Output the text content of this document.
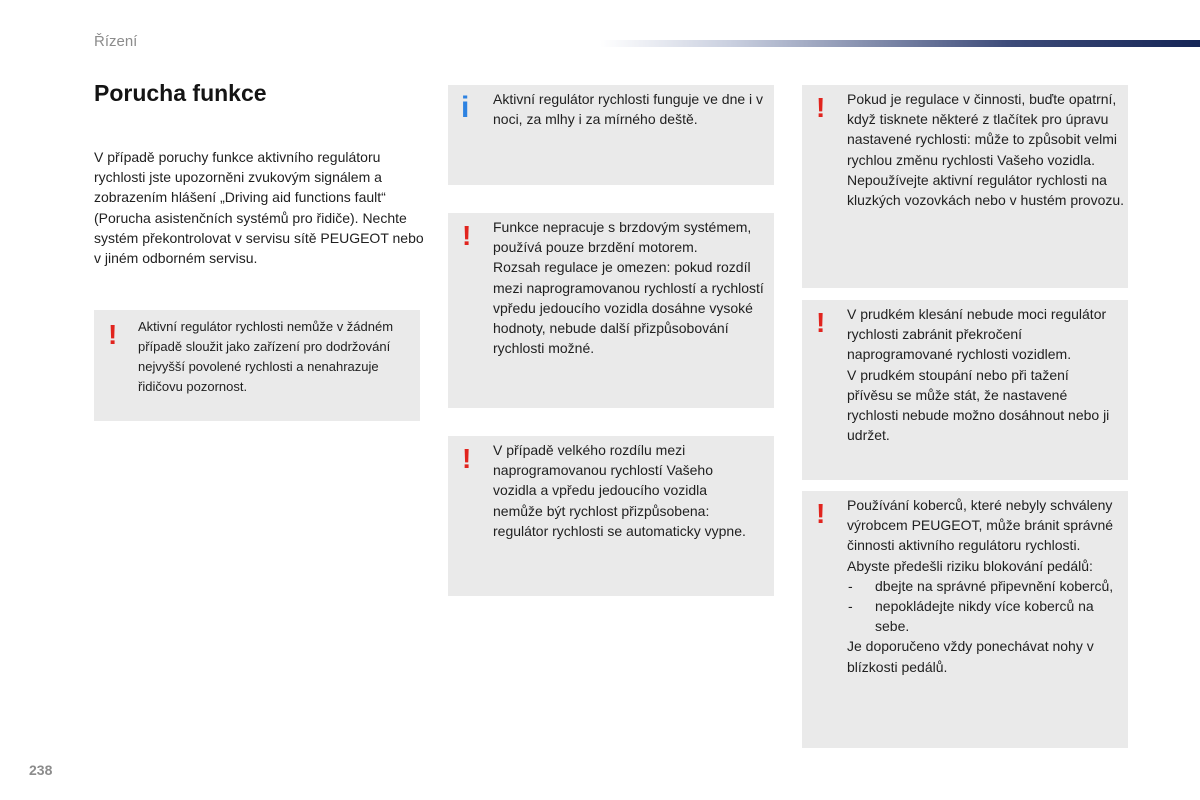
Řízení
Porucha funkce

V případě poruchy funkce aktivního regulátoru rychlosti jste upozorněni zvukovým signálem a zobrazením hlášení „Driving aid functions fault“ (Porucha asistenčních systémů pro řidiče). Nechte systém překontrolovat v servisu sítě PEUGEOT nebo v jiném odborném servisu.

! Aktivní regulátor rychlosti nemůže v žádném případě sloužit jako zařízení pro dodržování nejvyšší povolené rychlosti a nenahrazuje řidičovu pozornost.

i Aktivní regulátor rychlosti funguje ve dne i v noci, za mlhy i za mírného deště.

! Funkce nepracuje s brzdovým systémem, používá pouze brzdění motorem.

Rozsah regulace je omezen: pokud rozdíl mezi naprogramovanou rychlostí a rychlostí vpředu jedoucího vozidla dosáhne vysoké hodnoty, nebude další přizpůsobování rychlosti možné.

! V případě velkého rozdílu mezi naprogramovanou rychlostí Vašeho vozidla a vpředu jedoucího vozidla nemůže být rychlost přizpůsobena: regulátor rychlosti se automaticky vypne.

! Pokud je regulace v činnosti, buďte opatrní, když tisknete některé z tlačítek pro úpravu nastavené rychlosti: může to způsobit velmi rychlou změnu rychlosti Vašeho vozidla.

Nepoužívejte aktivní regulátor rychlosti na kluzkých vozovkách nebo v hustém provozu.

! V prudkém klesání nebude moci regulátor rychlosti zabránit překročení naprogramované rychlosti vozidlem.

V prudkém stoupání nebo při tažení přívěsu se může stát, že nastavené rychlosti nebude možno dosáhnout nebo ji udržet.

! Používání koberců, které nebyly schváleny výrobcem PEUGEOT, může bránit správné činnosti aktivního regulátoru rychlosti.

Abyste předešli riziku blokování pedálů:

- dbejte na správné připevnění koberců,
- nepokládejte nikdy více koberců na sebe.

Je doporučeno vždy ponechávat nohy v blízkosti pedálů.

238
